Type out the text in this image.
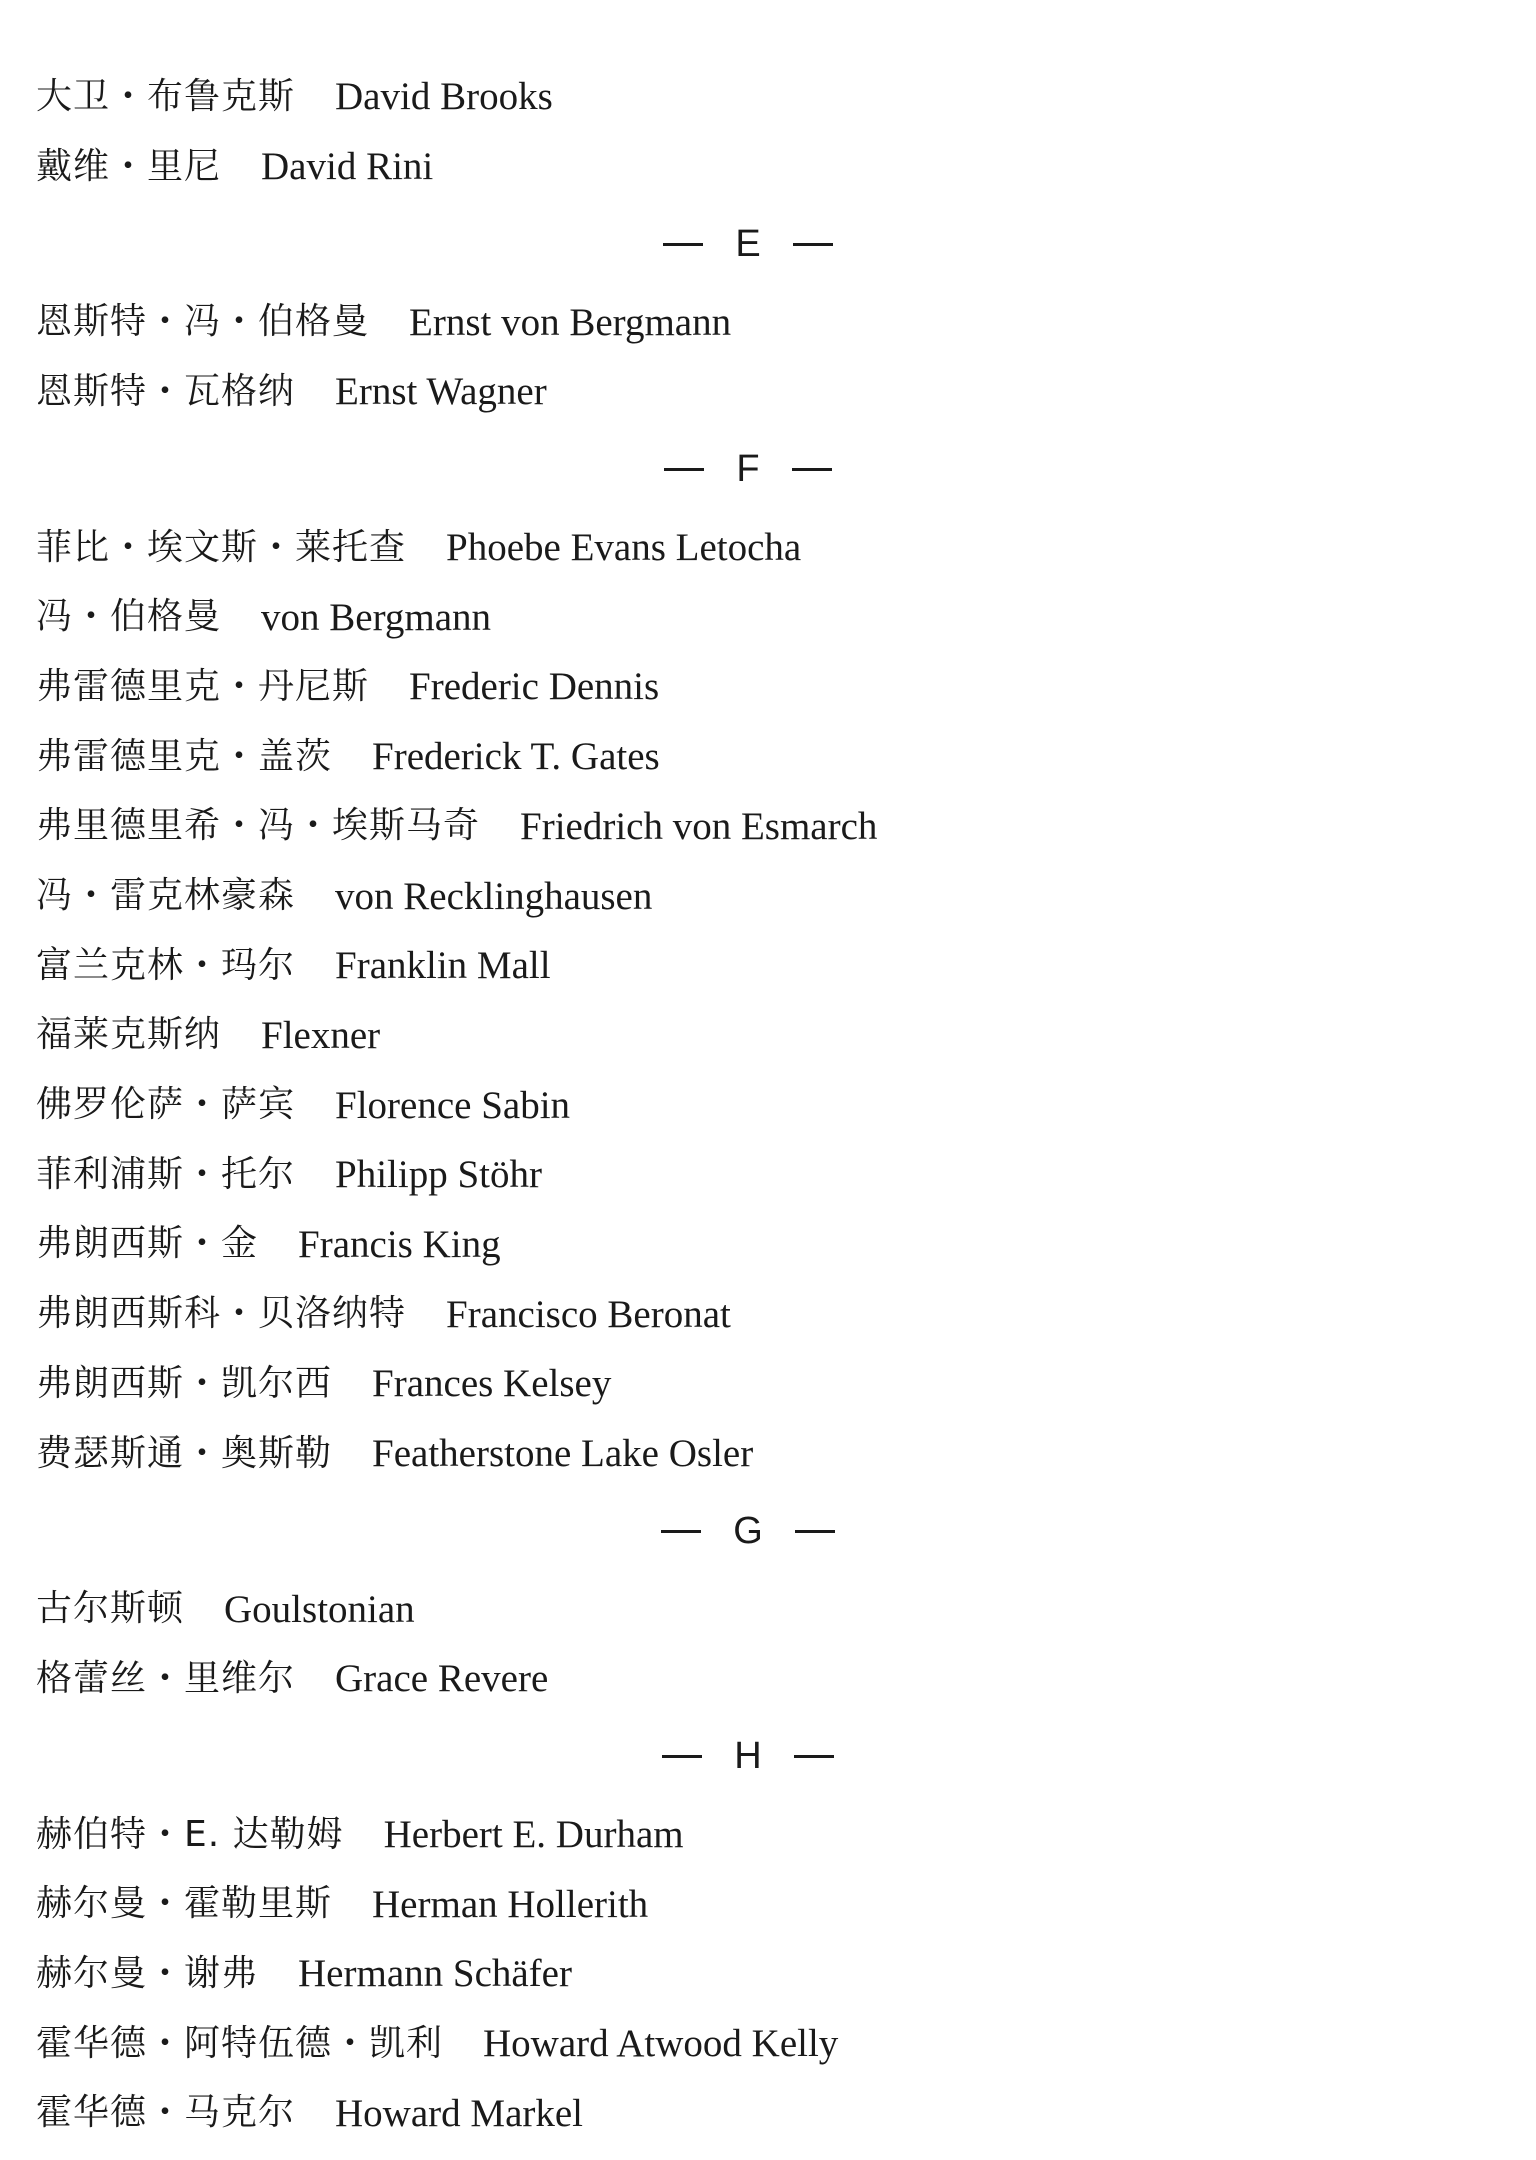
大卫・布鲁克斯 David Brooks
戴维・里尼 David Rini
E
恩斯特・冯・伯格曼 Ernst von Bergmann
恩斯特・瓦格纳 Ernst Wagner
F
菲比・埃文斯・莱托查 Phoebe Evans Letocha
冯・伯格曼 von Bergmann
弗雷德里克・丹尼斯 Frederic Dennis
弗雷德里克・盖茨 Frederick T. Gates
弗里德里希・冯・埃斯马奇 Friedrich von Esmarch
冯・雷克林豪森 von Recklinghausen
富兰克林・玛尔 Franklin Mall
福莱克斯纳 Flexner
佛罗伦萨・萨宾 Florence Sabin
菲利浦斯・托尔 Philipp Stöhr
弗朗西斯・金 Francis King
弗朗西斯科・贝洛纳特 Francisco Beronat
弗朗西斯・凯尔西 Frances Kelsey
费瑟斯通・奥斯勒 Featherstone Lake Osler
G
古尔斯顿 Goulstonian
格蕾丝・里维尔 Grace Revere
H
赫伯特・E. 达勒姆 Herbert E. Durham
赫尔曼・霍勒里斯 Herman Hollerith
赫尔曼・谢弗 Hermann Schäfer
霍华德・阿特伍德・凯利 Howard Atwood Kelly
霍华德・马克尔 Howard Markel
